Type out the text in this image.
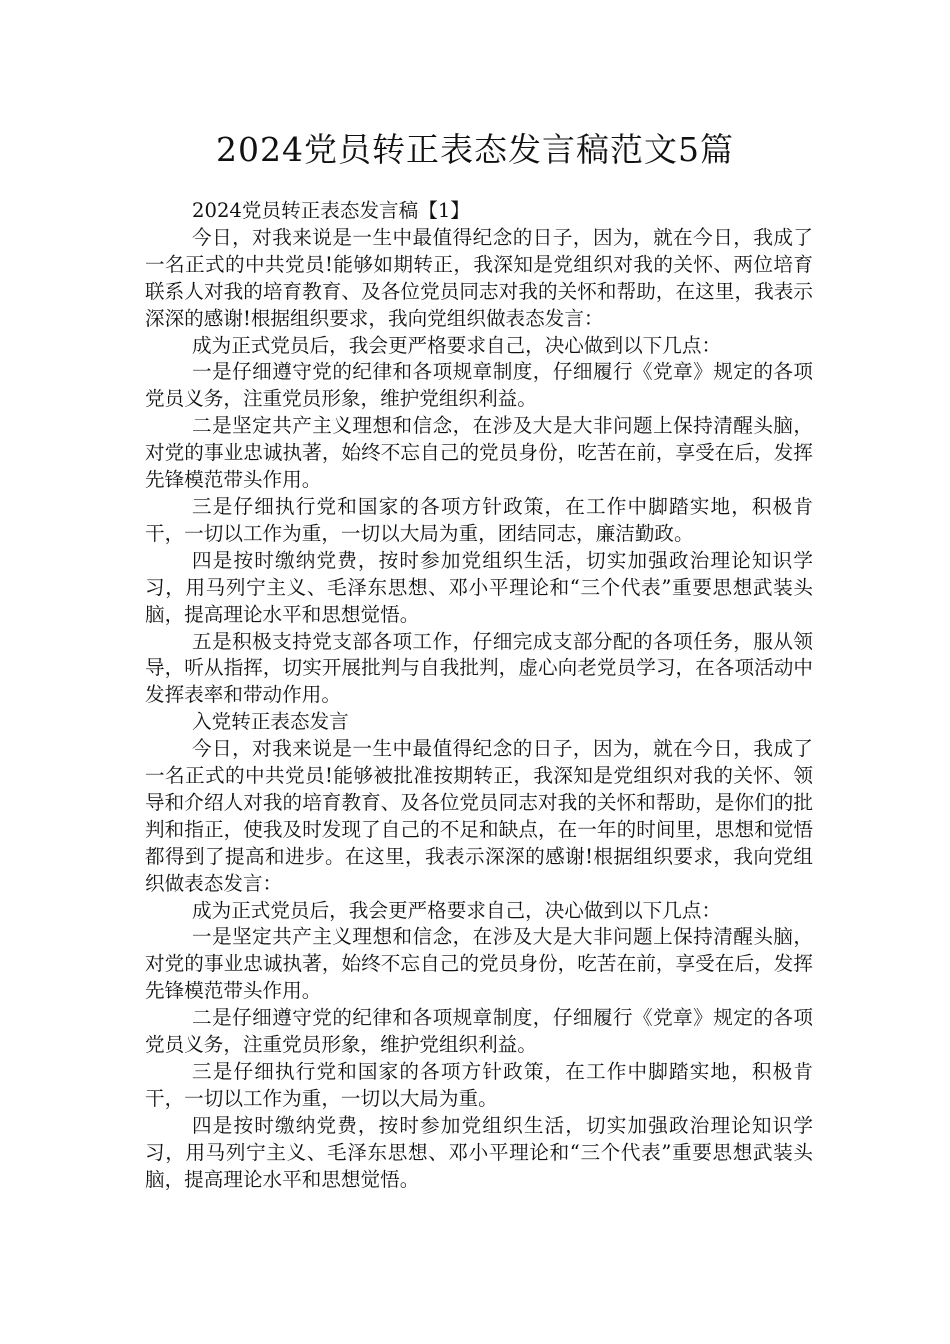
2024党员转正表态发言稿范文5篇

2024党员转正表态发言稿【1】

今日，对我来说是一生中最值得纪念的日子，因为，就在今日，我成了一名正式的中共党员!能够如期转正，我深知是党组织对我的关怀、两位培育联系人对我的培育教育、及各位党员同志对我的关怀和帮助，在这里，我表示深深的感谢!根据组织要求，我向党组织做表态发言：

成为正式党员后，我会更严格要求自己，决心做到以下几点：

一是仔细遵守党的纪律和各项规章制度，仔细履行《党章》规定的各项党员义务，注重党员形象，维护党组织利益。

二是坚定共产主义理想和信念，在涉及大是大非问题上保持清醒头脑，对党的事业忠诚执著，始终不忘自己的党员身份，吃苦在前，享受在后，发挥先锋模范带头作用。

三是仔细执行党和国家的各项方针政策，在工作中脚踏实地，积极肯干，一切以工作为重，一切以大局为重，团结同志，廉洁勤政。

四是按时缴纳党费，按时参加党组织生活，切实加强政治理论知识学习，用马列宁主义、毛泽东思想、邓小平理论和“三个代表”重要思想武装头脑，提高理论水平和思想觉悟。

五是积极支持党支部各项工作，仔细完成支部分配的各项任务，服从领导，听从指挥，切实开展批判与自我批判，虚心向老党员学习，在各项活动中发挥表率和带动作用。

入党转正表态发言

今日，对我来说是一生中最值得纪念的日子，因为，就在今日，我成了一名正式的中共党员!能够被批准按期转正，我深知是党组织对我的关怀、领导和介绍人对我的培育教育、及各位党员同志对我的关怀和帮助，是你们的批判和指正，使我及时发现了自己的不足和缺点，在一年的时间里，思想和觉悟都得到了提高和进步。在这里，我表示深深的感谢!根据组织要求，我向党组织做表态发言：

成为正式党员后，我会更严格要求自己，决心做到以下几点：

一是坚定共产主义理想和信念，在涉及大是大非问题上保持清醒头脑，对党的事业忠诚执著，始终不忘自己的党员身份，吃苦在前，享受在后，发挥先锋模范带头作用。

二是仔细遵守党的纪律和各项规章制度，仔细履行《党章》规定的各项党员义务，注重党员形象，维护党组织利益。

三是仔细执行党和国家的各项方针政策，在工作中脚踏实地，积极肯干，一切以工作为重，一切以大局为重。

四是按时缴纳党费，按时参加党组织生活，切实加强政治理论知识学习，用马列宁主义、毛泽东思想、邓小平理论和“三个代表”重要思想武装头脑，提高理论水平和思想觉悟。
